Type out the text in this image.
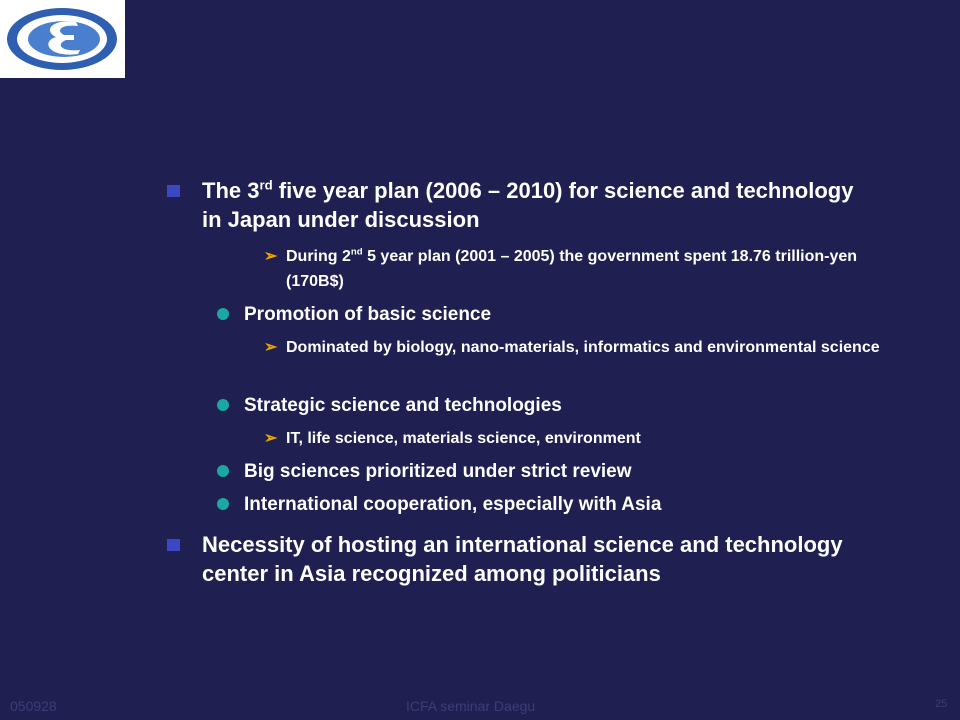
The 3rd five year plan (2006 – 2010) for science and technology in Japan under discussion
➢ During 2nd 5 year plan (2001 – 2005) the government spent 18.76 trillion-yen (170B$)
Promotion of basic science
➢ Dominated by biology, nano-materials, informatics and environmental science
Strategic science and technologies
➢ IT, life science, materials science, environment
Big sciences prioritized under strict review
International cooperation, especially with Asia
Necessity of hosting an international science and technology center in Asia recognized among politicians
050928	ICFA seminar Daegu	25
